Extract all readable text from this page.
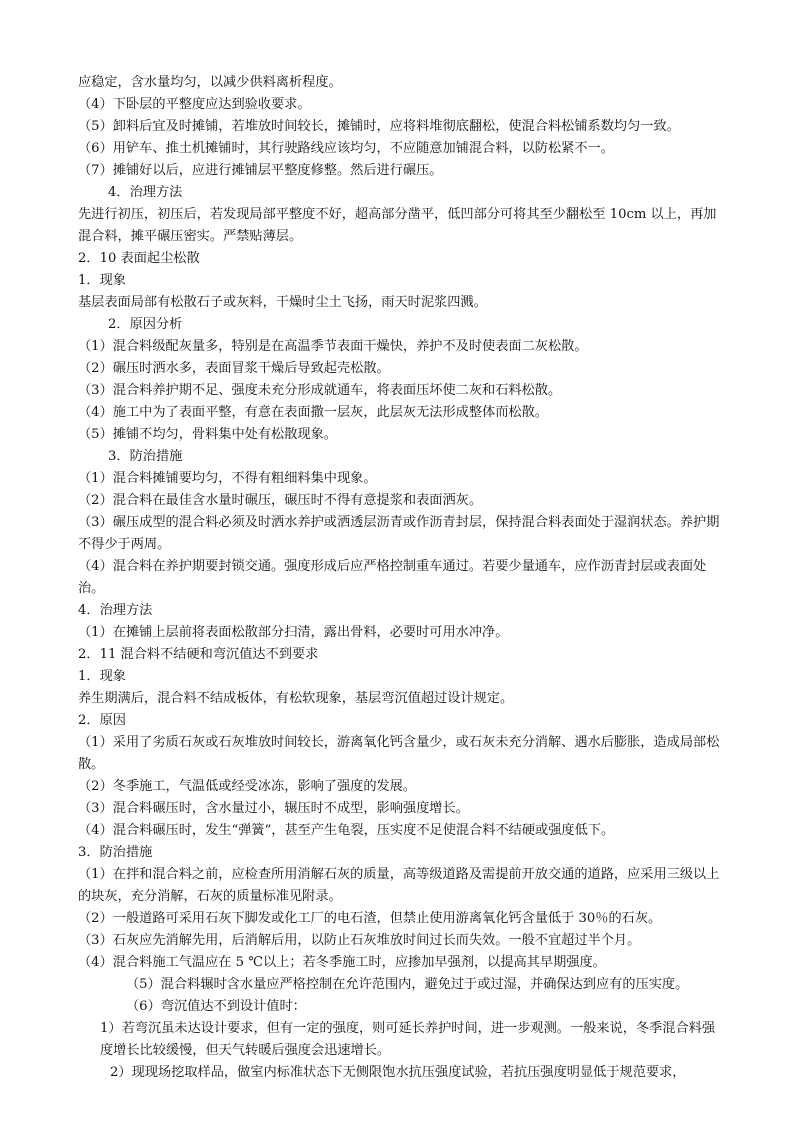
应稳定，含水量均匀，以减少供料离析程度。

（4）下卧层的平整度应达到验收要求。

（5）卸料后宜及时摊铺，若堆放时间较长，摊铺时，应将料堆彻底翻松，使混合料松铺系数均匀一致。

（6）用铲车、推土机摊铺时，其行驶路线应该均匀，不应随意加铺混合料，以防松紧不一。

（7）摊铺好以后，应进行摊铺层平整度修整。然后进行碾压。

4．治理方法

先进行初压，初压后，若发现局部平整度不好，超高部分凿平，低凹部分可将其至少翻松至 10cm 以上，再加混合料，摊平碾压密实。严禁贴薄层。

2．10 表面起尘松散

1．现象

基层表面局部有松散石子或灰料，干燥时尘土飞扬，雨天时泥浆四溅。

2．原因分析

（1）混合料级配灰量多，特别是在高温季节表面干燥快，养护不及时使表面二灰松散。

（2）碾压时洒水多，表面冒浆干燥后导致起壳松散。

（3）混合料养护期不足、强度未充分形成就通车，将表面压坏使二灰和石料松散。

（4）施工中为了表面平整，有意在表面撒一层灰，此层灰无法形成整体而松散。

（5）摊铺不均匀，骨料集中处有松散现象。

3．防治措施

（1）混合料摊铺要均匀，不得有粗细料集中现象。

（2）混合料在最佳含水量时碾压，碾压时不得有意提浆和表面洒灰。

（3）碾压成型的混合料必须及时洒水养护或洒透层沥青或作沥青封层，保持混合料表面处于湿润状态。养护期不得少于两周。

（4）混合料在养护期要封锁交通。强度形成后应严格控制重车通过。若要少量通车，应作沥青封层或表面处治。

4．治理方法

（1）在摊铺上层前将表面松散部分扫清，露出骨料，必要时可用水冲净。

2．11 混合料不结硬和弯沉值达不到要求

1．现象

养生期满后，混合料不结成板体，有松软现象，基层弯沉值超过设计规定。

2．原因

（1）采用了劣质石灰或石灰堆放时间较长，游离氧化钙含量少，或石灰未充分消解、遇水后膨胀，造成局部松散。

（2）冬季施工，气温低或经受冰冻，影响了强度的发展。

（3）混合料碾压时，含水量过小，辗压时不成型，影响强度增长。

（4）混合料碾压时，发生“弹簧”，甚至产生龟裂，压实度不足使混合料不结硬或强度低下。

3．防治措施

（1）在拌和混合料之前，应检查所用消解石灰的质量，高等级道路及需提前开放交通的道路，应采用三级以上的块灰，充分消解，石灰的质量标准见附录。

（2）一般道路可采用石灰下脚发或化工厂的电石渣，但禁止使用游离氧化钙含量低于 30％的石灰。

（3）石灰应先消解先用，后消解后用，以防止石灰堆放时间过长而失效。一般不宜超过半个月。

（4）混合料施工气温应在 5 ℃以上；若冬季施工时，应掺加早强剂，以提高其早期强度。

（5）混合料辗时含水量应严格控制在允许范围内，避免过于或过湿，并确保达到应有的压实度。

（6）弯沉值达不到设计值时：

1）若弯沉虽未达设计要求，但有一定的强度，则可延长养护时间，进一步观测。一般来说，冬季混合料强度增长比较缓慢，但天气转暖后强度会迅速增长。

2）现现场挖取样品，做室内标准状态下无侧限饱水抗压强度试验，若抗压强度明显低于规范要求，
